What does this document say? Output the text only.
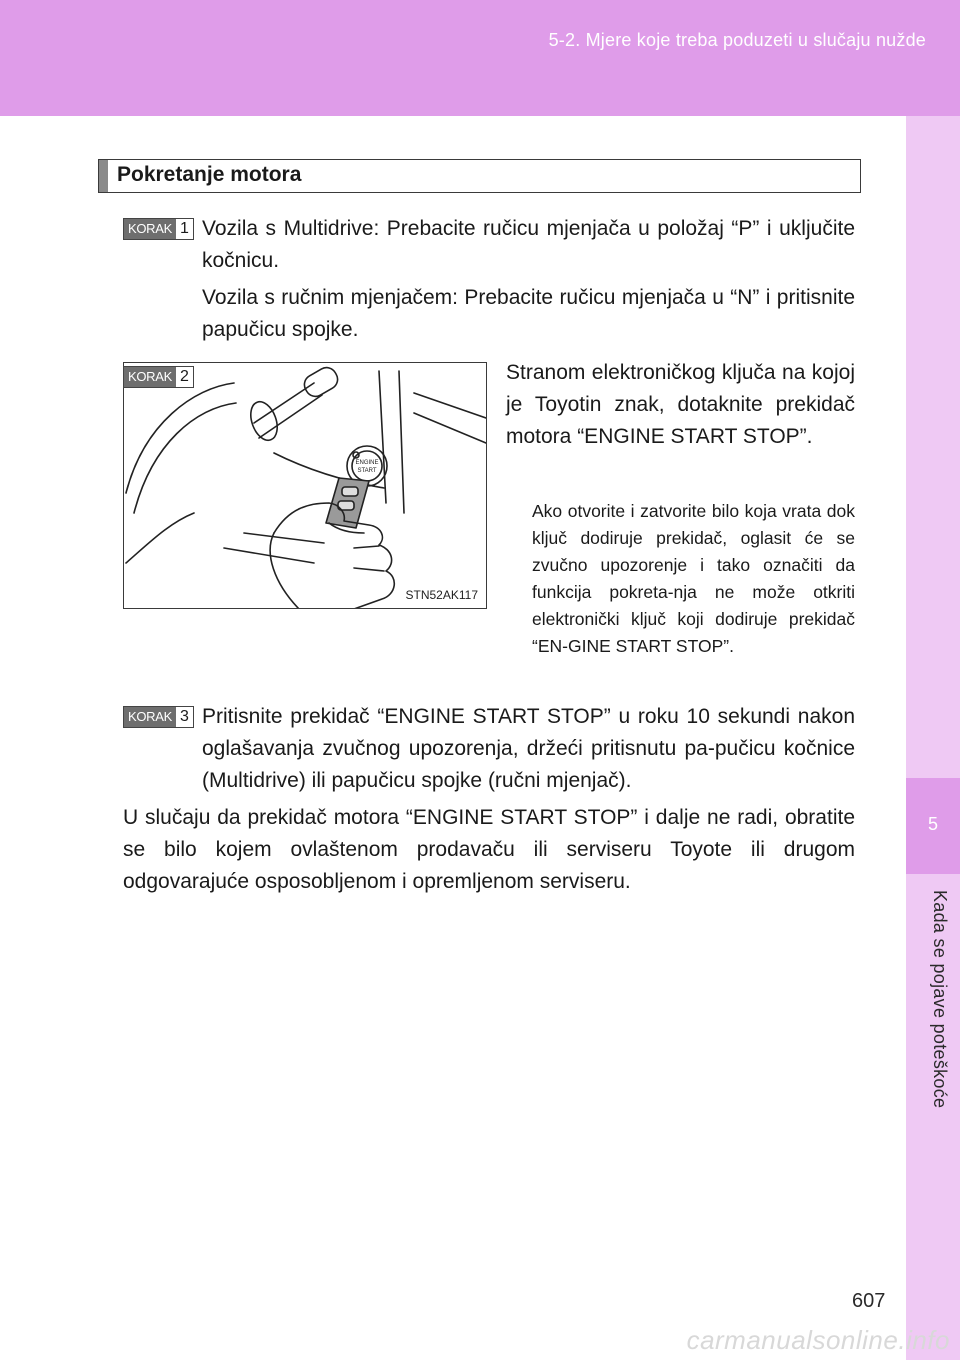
5-2. Mjere koje treba poduzeti u slučaju nužde
5
Kada se pojave poteškoće
Pokretanje motora
KORAK 1 Vozila s Multidrive: Prebacite ručicu mjenjača u položaj “P” i uključite kočnicu.
Vozila s ručnim mjenjačem: Prebacite ručicu mjenjača u “N” i pritisnite papučicu spojke.
KORAK 2
ENGINE
START
STN52AK117
Stranom elektroničkog ključa na kojoj je Toyotin znak, dotaknite prekidač motora “ENGINE START STOP”.
Ako otvorite i zatvorite bilo koja vrata dok ključ dodiruje prekidač, oglasit će se zvučno upozorenje i tako označiti da funkcija pokreta-nja ne može otkriti elektronički ključ koji dodiruje prekidač “EN-GINE START STOP”.
KORAK 3 Pritisnite prekidač “ENGINE START STOP” u roku 10 sekundi nakon oglašavanja zvučnog upozorenja, držeći pritisnutu pa-pučicu kočnice (Multidrive) ili papučicu spojke (ručni mjenjač).
U slučaju da prekidač motora “ENGINE START STOP” i dalje ne radi, obratite se bilo kojem ovlaštenom prodavaču ili serviseru Toyote ili drugom odgovarajuće osposobljenom i opremljenom serviseru.
607
carmanualsonline.info
